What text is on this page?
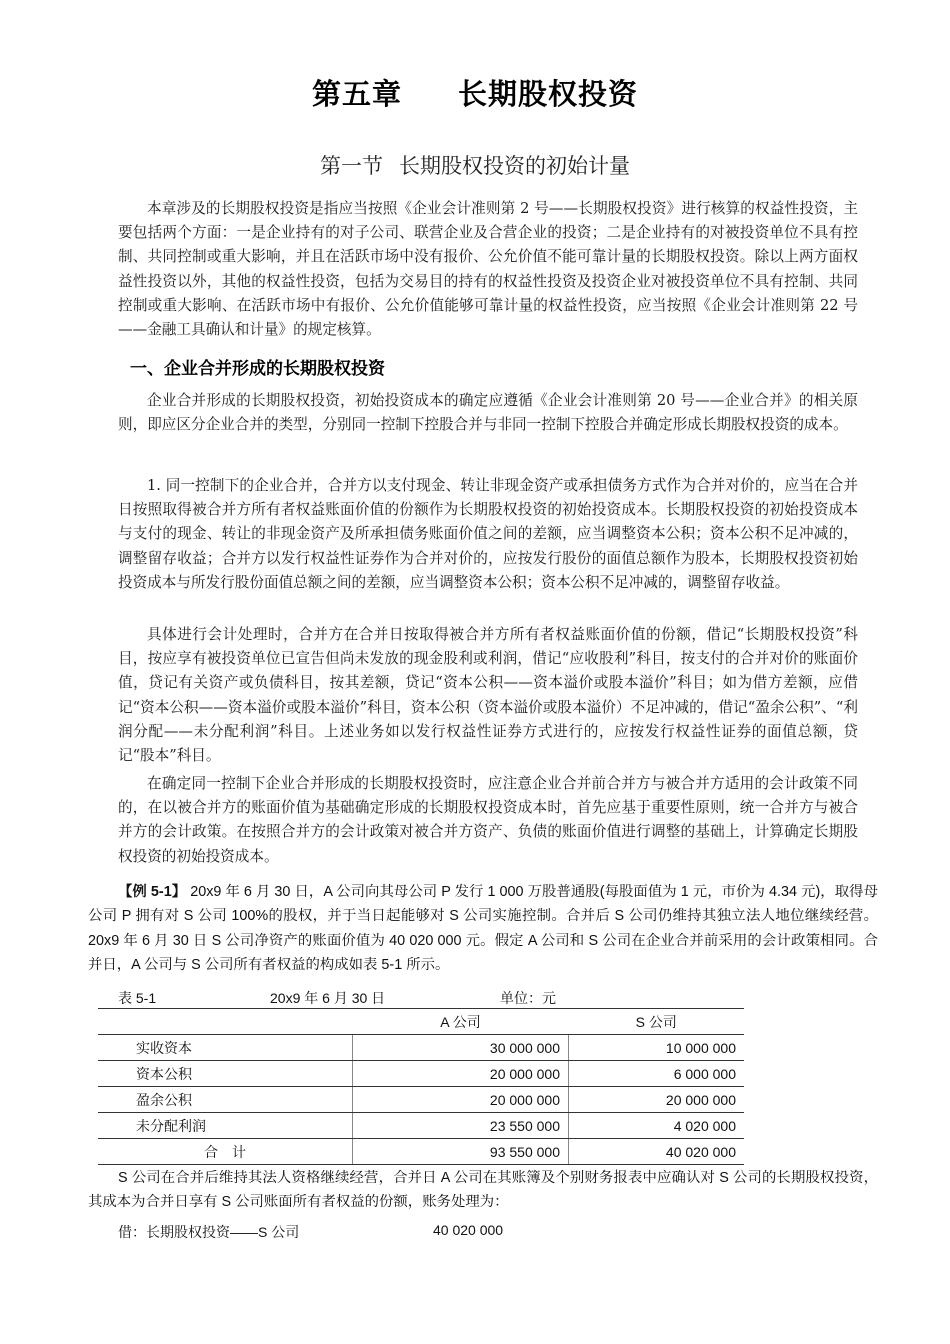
第五章 长期股权投资
第一节 长期股权投资的初始计量

本章涉及的长期股权投资是指应当按照《企业会计准则第 2 号——长期股权投资》进行核算的权益性投资，主要包括两个方面：一是企业持有的对子公司、联营企业及合营企业的投资；二是企业持有的对被投资单位不具有控制、共同控制或重大影响，并且在活跃市场中没有报价、公允价值不能可靠计量的长期股权投资。除以上两方面权益性投资以外，其他的权益性投资，包括为交易目的持有的权益性投资及投资企业对被投资单位不具有控制、共同控制或重大影响、在活跃市场中有报价、公允价值能够可靠计量的权益性投资，应当按照《企业会计准则第 22 号——金融工具确认和计量》的规定核算。

一、企业合并形成的长期股权投资

企业合并形成的长期股权投资，初始投资成本的确定应遵循《企业会计准则第 20 号——企业合并》的相关原则，即应区分企业合并的类型，分别同一控制下控股合并与非同一控制下控股合并确定形成长期股权投资的成本。

1. 同一控制下的企业合并，合并方以支付现金、转让非现金资产或承担债务方式作为合并对价的，应当在合并日按照取得被合并方所有者权益账面价值的份额作为长期股权投资的初始投资成本。长期股权投资的初始投资成本与支付的现金、转让的非现金资产及所承担债务账面价值之间的差额，应当调整资本公积；资本公积不足冲减的，调整留存收益；合并方以发行权益性证券作为合并对价的，应按发行股份的面值总额作为股本，长期股权投资初始投资成本与所发行股份面值总额之间的差额，应当调整资本公积；资本公积不足冲减的，调整留存收益。

具体进行会计处理时，合并方在合并日按取得被合并方所有者权益账面价值的份额，借记“长期股权投资”科目，按应享有被投资单位已宣告但尚未发放的现金股利或利润，借记“应收股利”科目，按支付的合并对价的账面价值，贷记有关资产或负债科目，按其差额，贷记“资本公积——资本溢价或股本溢价”科目；如为借方差额，应借记“资本公积——资本溢价或股本溢价”科目，资本公积（资本溢价或股本溢价）不足冲减的，借记“盈余公积”、“利润分配——未分配利润”科目。上述业务如以发行权益性证券方式进行的，应按发行权益性证券的面值总额，贷记“股本”科目。

在确定同一控制下企业合并形成的长期股权投资时，应注意企业合并前合并方与被合并方适用的会计政策不同的，在以被合并方的账面价值为基础确定形成的长期股权投资成本时，首先应基于重要性原则，统一合并方与被合并方的会计政策。在按照合并方的会计政策对被合并方资产、负债的账面价值进行调整的基础上，计算确定长期股权投资的初始投资成本。

【例 5-1】 20x9 年 6 月 30 日，A 公司向其母公司 P 发行 1 000 万股普通股(每股面值为 1 元，市价为 4.34 元)，取得母公司 P 拥有对 S 公司 100%的股权，并于当日起能够对 S 公司实施控制。合并后 S 公司仍维持其独立法人地位继续经营。20x9 年 6 月 30 日 S 公司净资产的账面价值为 40 020 000 元。假定 A 公司和 S 公司在企业合并前采用的会计政策相同。合并日，A 公司与 S 公司所有者权益的构成如表 5-1 所示。

表 5-1	20x9 年 6 月 30 日	单位：元
	A 公司	S 公司
实收资本	30 000 000	10 000 000
资本公积	20 000 000	6 000 000
盈余公积	20 000 000	20 000 000
未分配利润	23 550 000	4 020 000
合　计	93 550 000	40 020 000

S 公司在合并后维持其法人资格继续经营，合并日 A 公司在其账簿及个别财务报表中应确认对 S 公司的长期股权投资，其成本为合并日享有 S 公司账面所有者权益的份额，账务处理为：

借：长期股权投资——S 公司	40 020 000
